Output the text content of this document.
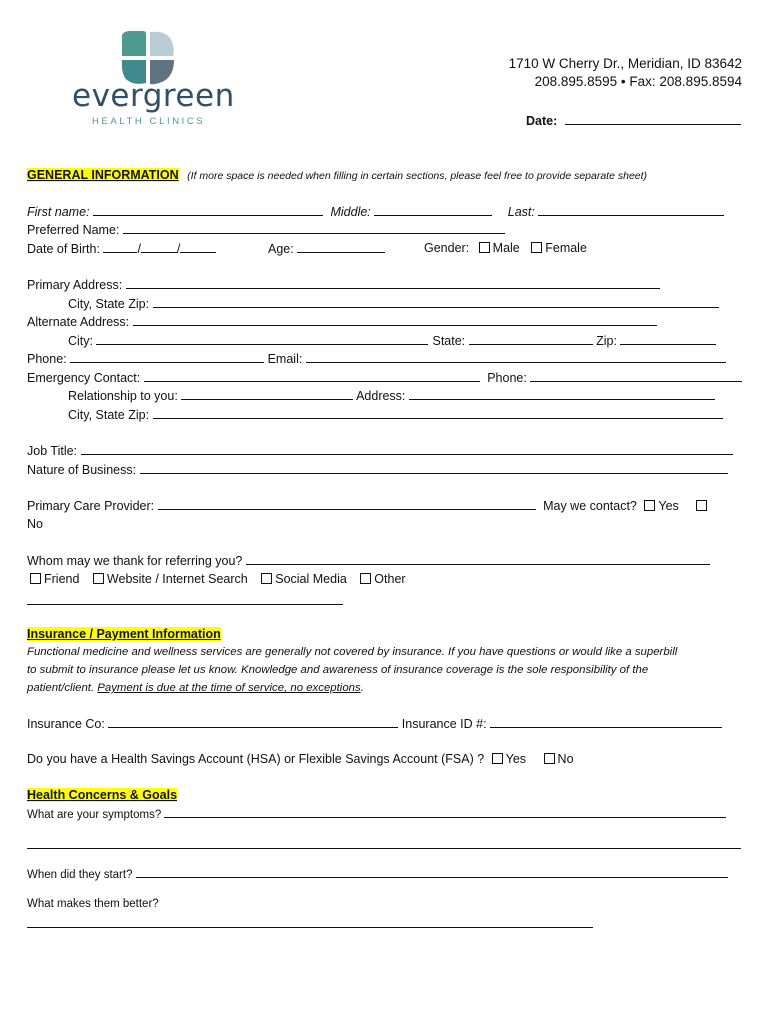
evergreen
HEALTH CLINICS
1710 W Cherry Dr., Meridian, ID 83642
208.895.8595 • Fax: 208.895.8594
Date:
GENERAL INFORMATION (If more space is needed when filling in certain sections, please feel free to provide separate sheet)
First name:	Middle:	Last:
Preferred Name:
Date of Birth:	/	/	Age:	Gender: Male Female
Primary Address:
City, State Zip:
Alternate Address:
City:	State:	Zip:
Phone:	Email:
Emergency Contact:	Phone:
Relationship to you:	Address:
City, State Zip:
Job Title:
Nature of Business:
Primary Care Provider:	May we contact? Yes
No
Whom may we thank for referring you?
Friend Website / Internet Search Social Media Other
Insurance / Payment Information
Functional medicine and wellness services are generally not covered by insurance. If you have questions or would like a superbill
to submit to insurance please let us know. Knowledge and awareness of insurance coverage is the sole responsibility of the
patient/client. Payment is due at the time of service, no exceptions.
Insurance Co:	Insurance ID #:
Do you have a Health Savings Account (HSA) or Flexible Savings Account (FSA) ? Yes	No
Health Concerns & Goals
What are your symptoms?
When did they start?
What makes them better?
